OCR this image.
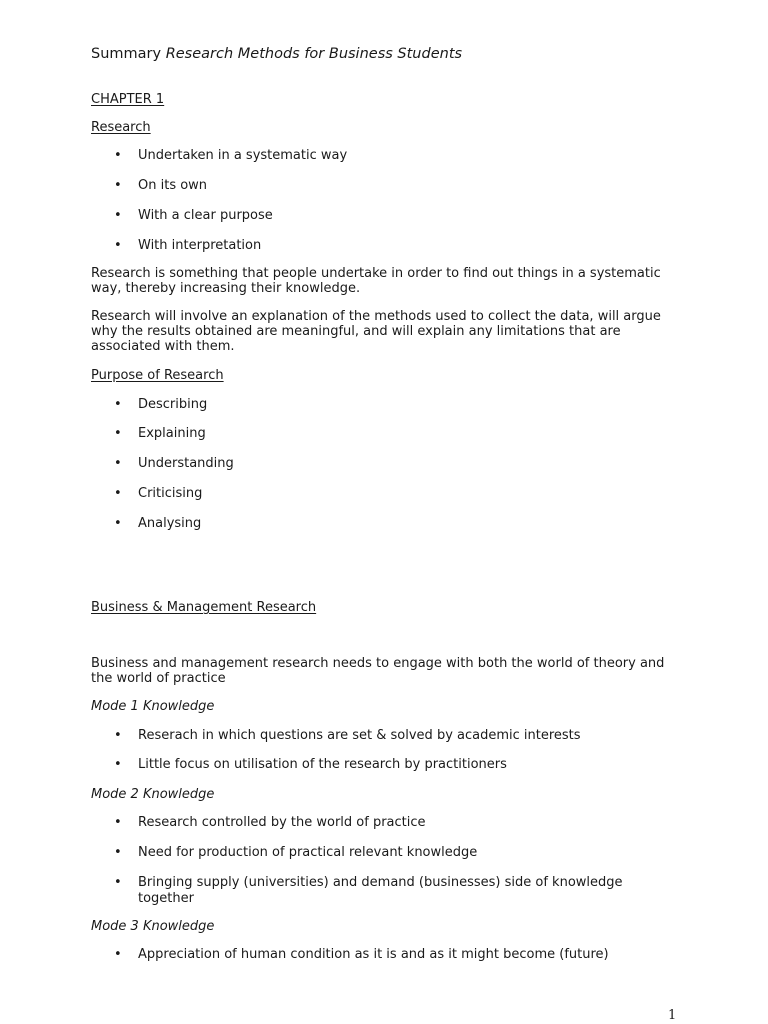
Summary Research Methods for Business Students
CHAPTER 1
Research
• Undertaken in a systematic way

• On its own

• With a clear purpose

• With interpretation

Research is something that people undertake in order to find out things in a systematic way, thereby increasing their knowledge.

Research will involve an explanation of the methods used to collect the data, will argue why the results obtained are meaningful, and will explain any limitations that are associated with them.

Purpose of Research
• Describing

• Explaining

• Understanding

• Criticising

• Analysing

Business & Management Research

Business and management research needs to engage with both the world of theory and the world of practice

Mode 1 Knowledge
• Reserach in which questions are set & solved by academic interests

• Little focus on utilisation of the research by practitioners

Mode 2 Knowledge
• Research controlled by the world of practice

• Need for production of practical relevant knowledge

• Bringing supply (universities) and demand (businesses) side of knowledge together

Mode 3 Knowledge
• Appreciation of human condition as it is and as it might become (future)

1
